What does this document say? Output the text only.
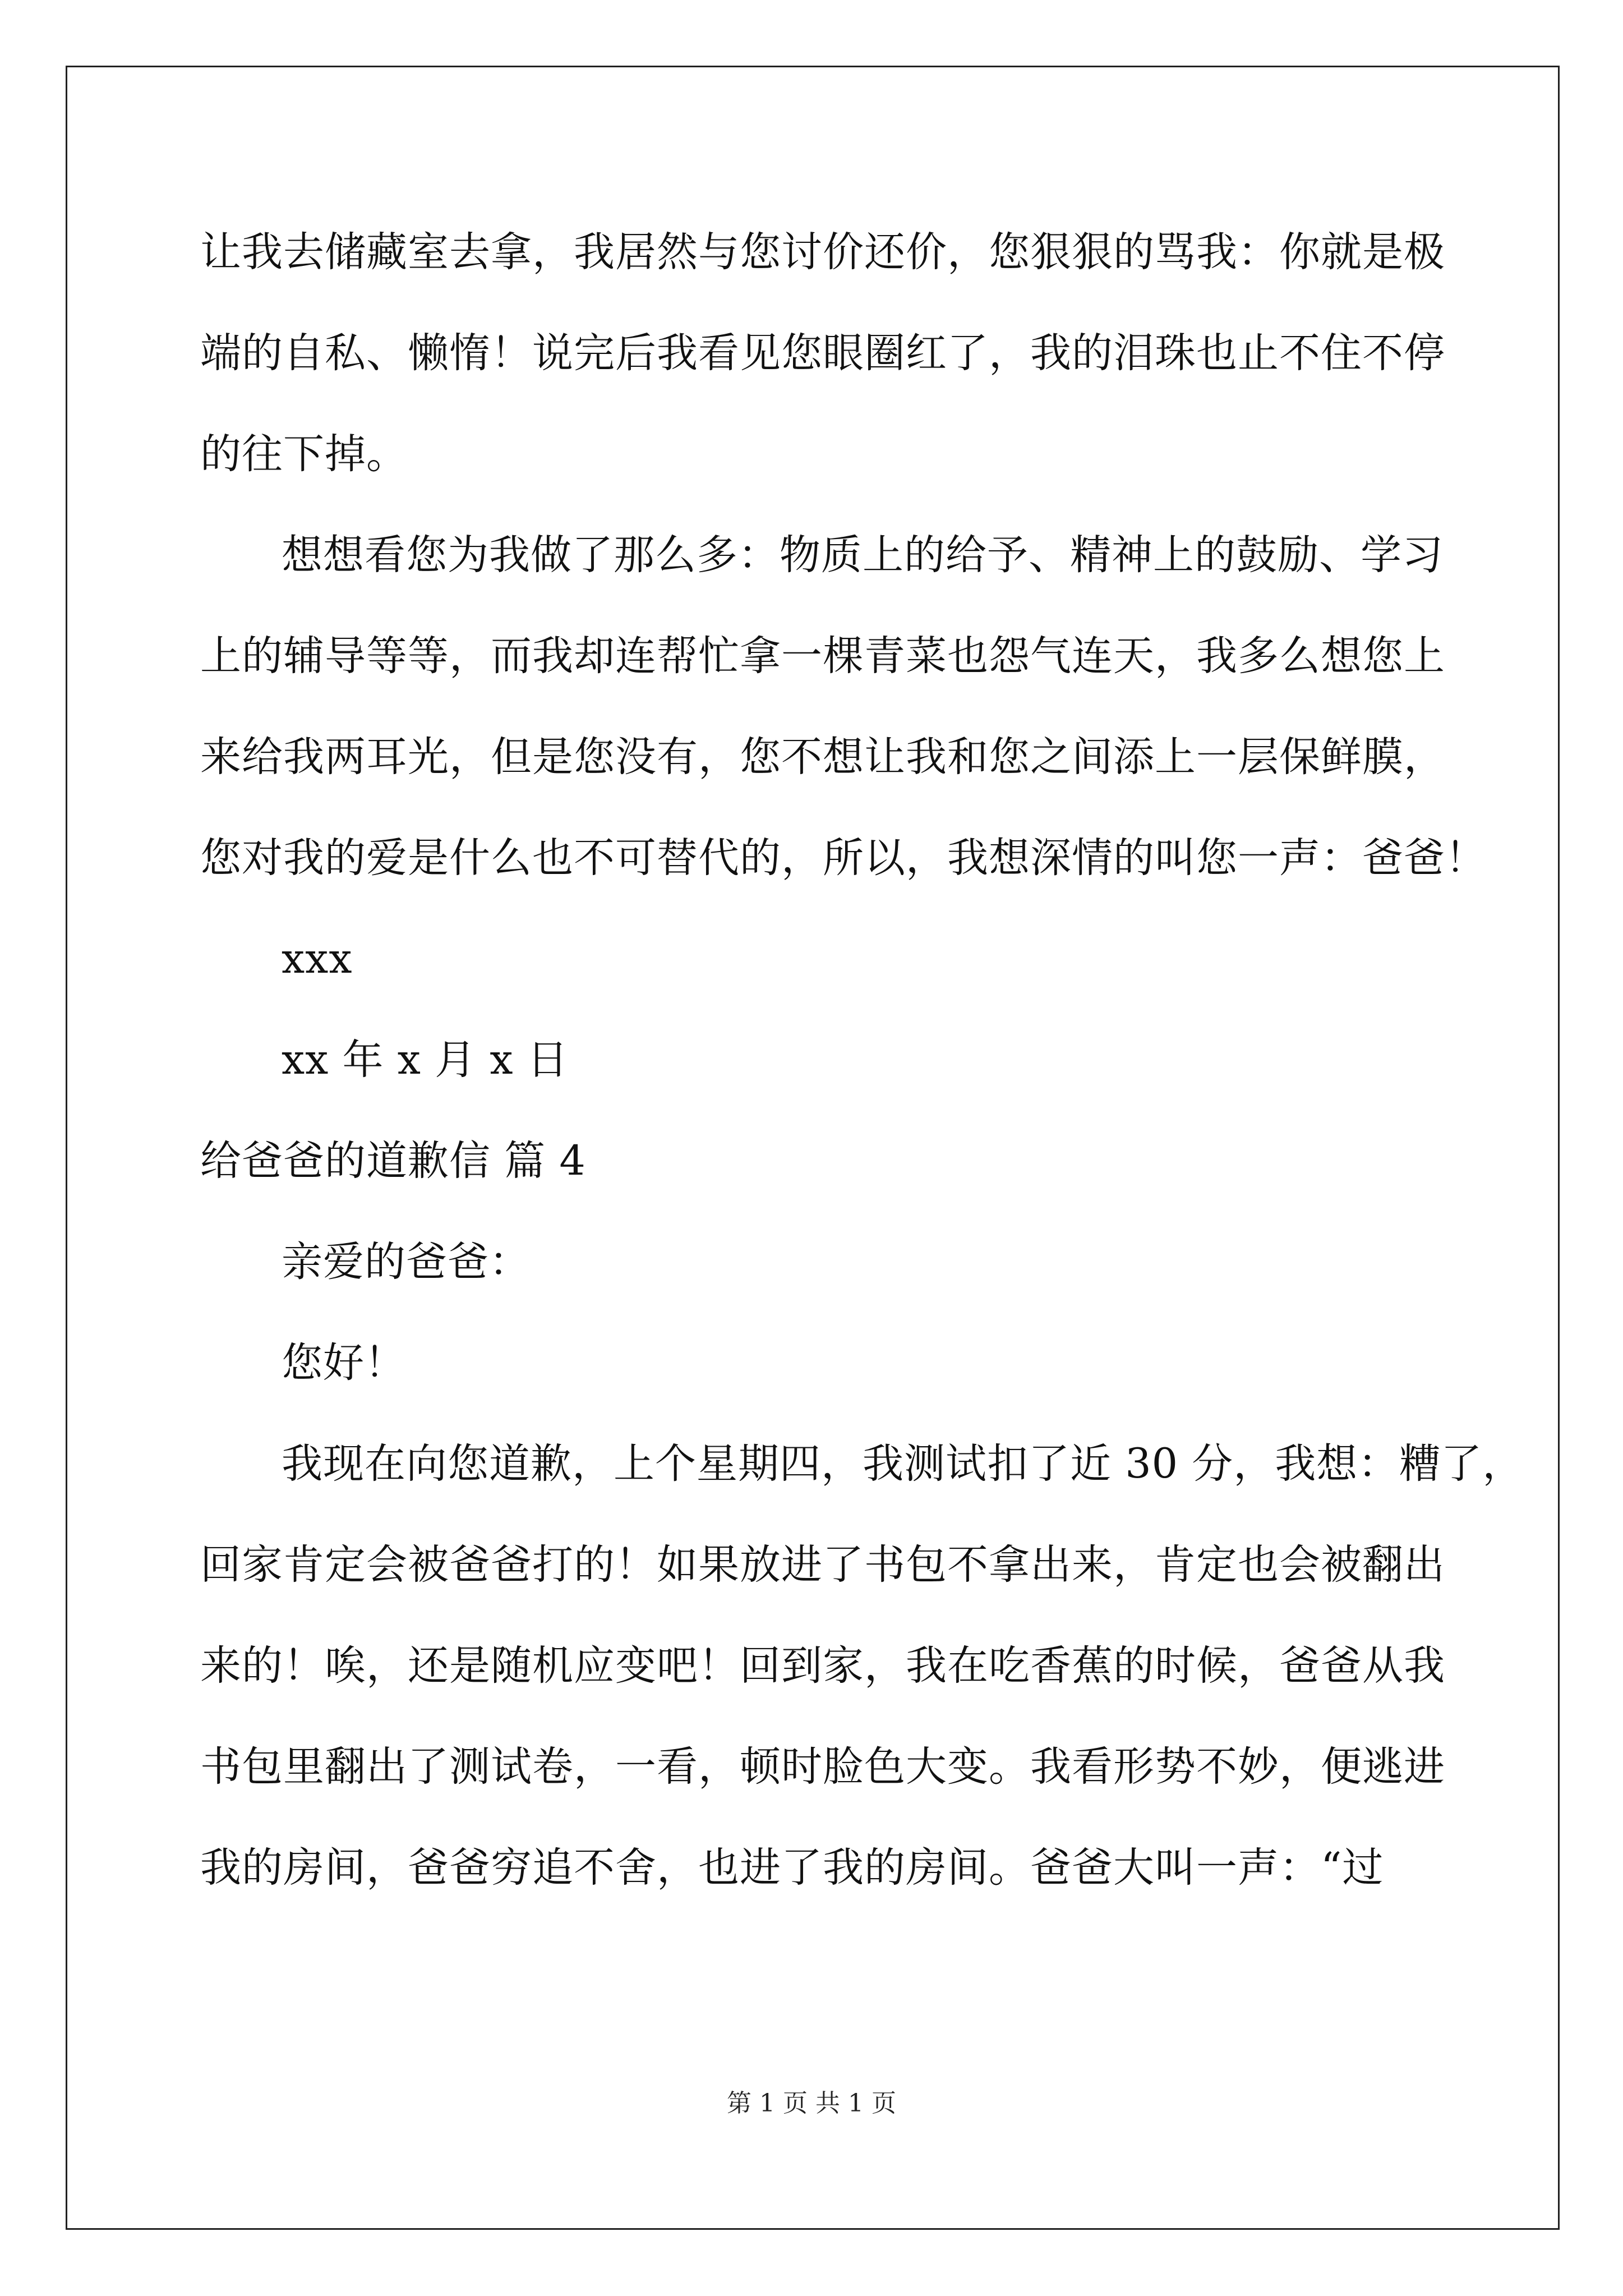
让我去储藏室去拿，我居然与您讨价还价，您狠狠的骂我：你就是极
端的自私、懒惰！说完后我看见您眼圈红了，我的泪珠也止不住不停
的往下掉。
想想看您为我做了那么多：物质上的给予、精神上的鼓励、学习
上的辅导等等，而我却连帮忙拿一棵青菜也怨气连天，我多么想您上
来给我两耳光，但是您没有，您不想让我和您之间添上一层保鲜膜，
您对我的爱是什么也不可替代的，所以，我想深情的叫您一声：爸爸！
xxx
xx 年 x 月 x 日
给爸爸的道歉信 篇 4
亲爱的爸爸：
您好！
我现在向您道歉，上个星期四，我测试扣了近 30 分，我想：糟了，
回家肯定会被爸爸打的！如果放进了书包不拿出来，肯定也会被翻出
来的！唉，还是随机应变吧！回到家，我在吃香蕉的时候，爸爸从我
书包里翻出了测试卷，一看，顿时脸色大变。我看形势不妙，便逃进
我的房间，爸爸穷追不舍，也进了我的房间。爸爸大叫一声：“过
第 1 页 共 1 页
